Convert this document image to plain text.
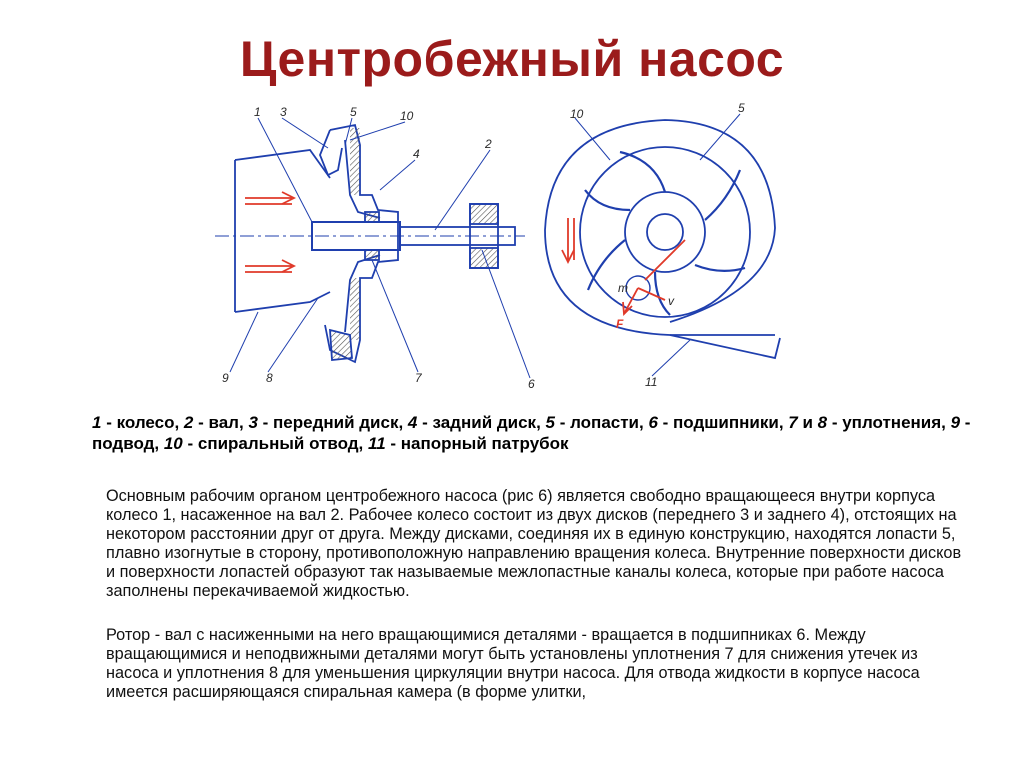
Центробежный насос
1 3	5	10
4
2
9	8	7	6
10	5
11
m
v
F
1 - колесо, 2 - вал, 3 - передний диск, 4 - задний диск, 5 - лопасти, 6 - подшипники, 7 и 8 - уплотнения, 9 - подвод, 10 - спиральный отвод, 11 - напорный патрубок
Основным рабочим органом центробежного насоса (рис 6) является свободно вращающееся внутри корпуса колесо 1, насаженное на вал 2. Рабочее колесо состоит из двух дисков (переднего 3 и заднего 4), отстоящих на некотором расстоянии друг от друга. Между дисками, соединяя их в единую конструкцию, находятся лопасти 5, плавно изогнутые в сторону, противоположную направлению вращения колеса. Внутренние поверхности дисков и поверхности лопастей образуют так называемые межлопастные каналы колеса, которые при работе насоса заполнены перекачиваемой жидкостью.
Ротор - вал с насиженными на него вращающимися деталями - вращается в подшипниках 6. Между вращающимися и неподвижными деталями могут быть установлены уплотнения 7 для снижения утечек из насоса и уплотнения 8 для уменьшения циркуляции внутри насоса. Для отвода жидкости в корпусе насоса имеется расширяющаяся спиральная камера (в форме улитки,
